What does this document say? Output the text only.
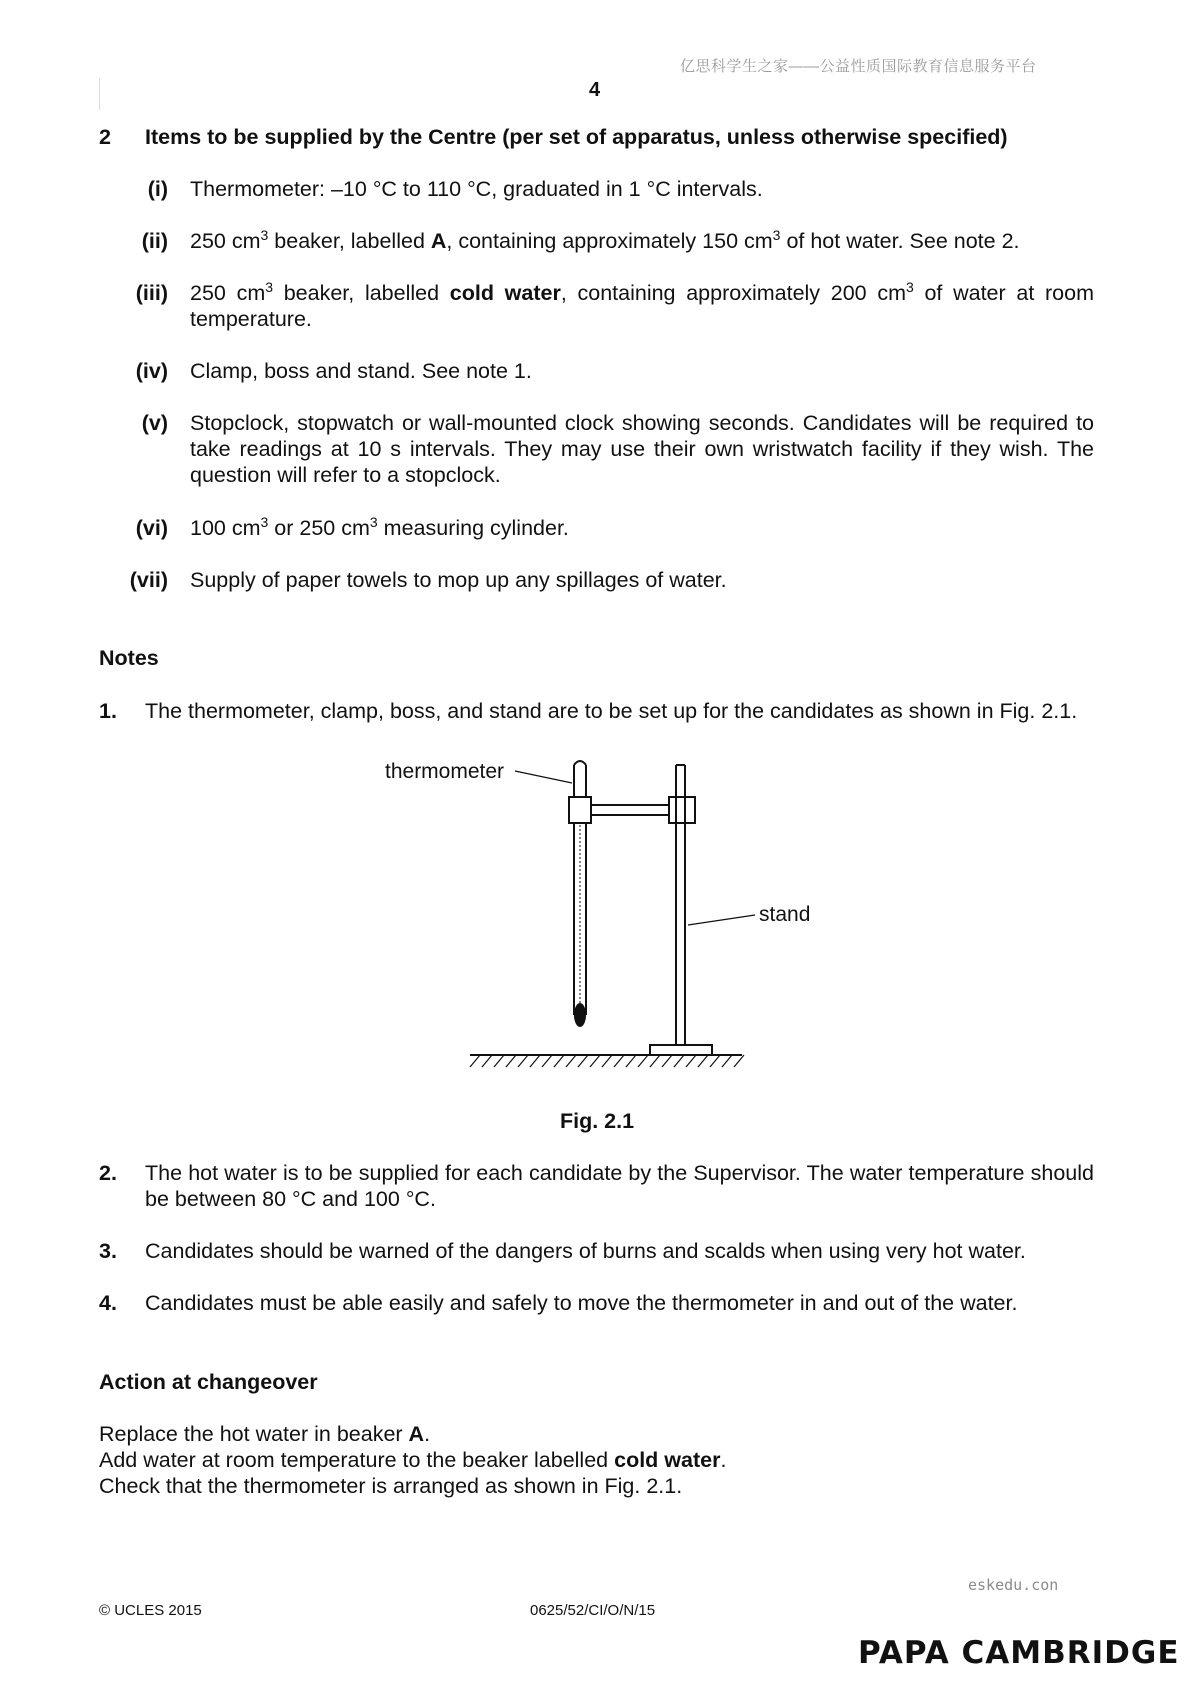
亿思科学生之家——公益性质国际教育信息服务平台
4
2 Items to be supplied by the Centre (per set of apparatus, unless otherwise specified)
(i) Thermometer: –10 °C to 110 °C, graduated in 1 °C intervals.
(ii) 250 $cm^3$ beaker, labelled A, containing approximately 150 $cm^3$ of hot water. See note 2.
(iii) 250 $cm^3$ beaker, labelled cold water, containing approximately 200 $cm^3$ of water at room temperature.
(iv) Clamp, boss and stand. See note 1.
(v) Stopclock, stopwatch or wall-mounted clock showing seconds. Candidates will be required to take readings at 10 s intervals. They may use their own wristwatch facility if they wish. The question will refer to a stopclock.
(vi) 100 $cm^3$ or 250 $cm^3$ measuring cylinder.
(vii) Supply of paper towels to mop up any spillages of water.
Notes
1. The thermometer, clamp, boss, and stand are to be set up for the candidates as shown in Fig. 2.1.
thermometer
stand
Fig. 2.1
2. The hot water is to be supplied for each candidate by the Supervisor. The water temperature should be between 80 °C and 100 °C.
3. Candidates should be warned of the dangers of burns and scalds when using very hot water.
4. Candidates must be able easily and safely to move the thermometer in and out of the water.
Action at changeover
Replace the hot water in beaker A.
Add water at room temperature to the beaker labelled cold water.
Check that the thermometer is arranged as shown in Fig. 2.1.
eskedu.con
© UCLES 2015	0625/52/CI/O/N/15
PAPA CAMBRIDGE
